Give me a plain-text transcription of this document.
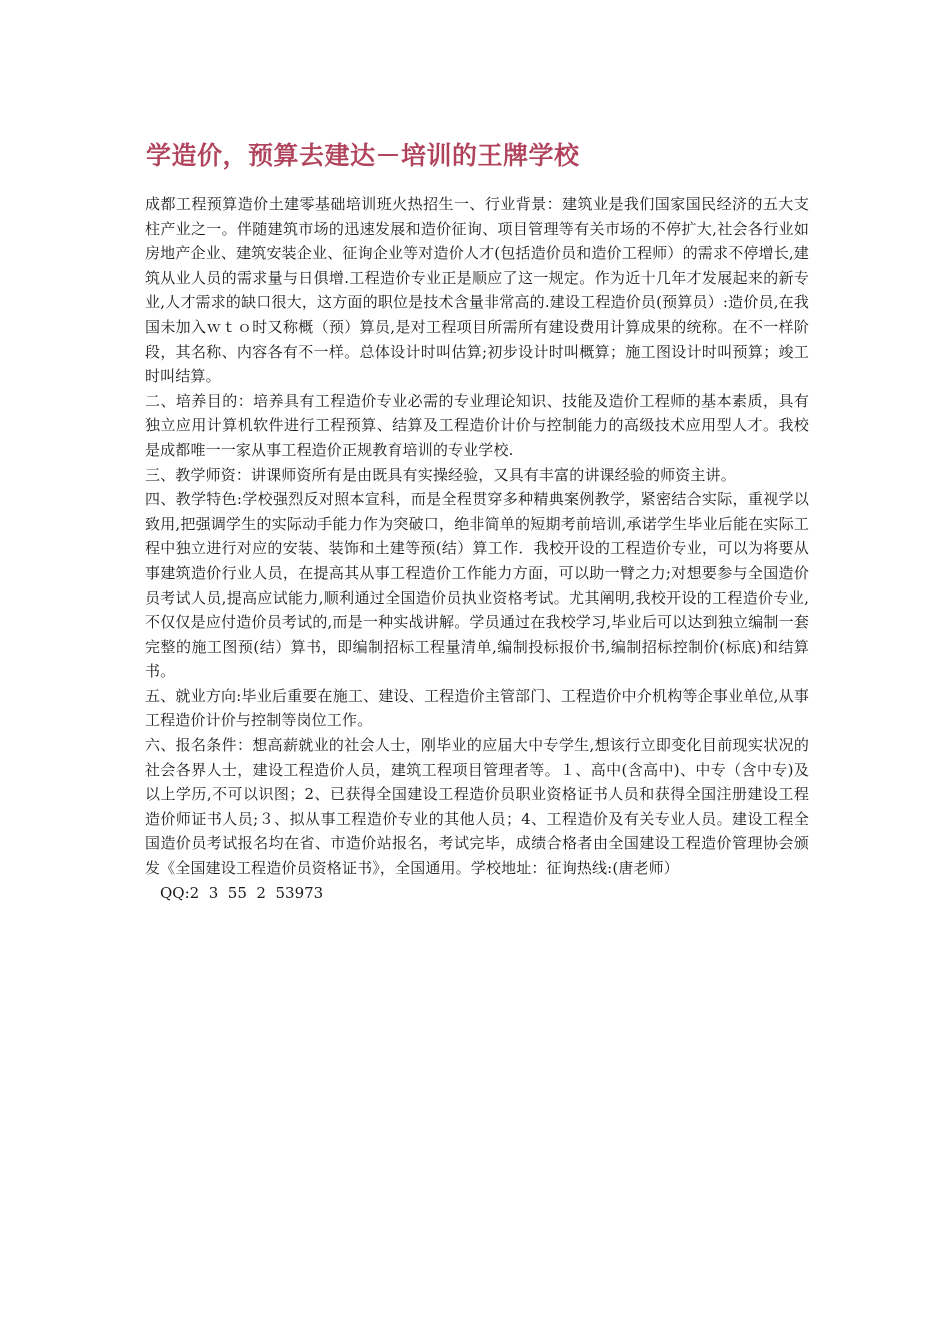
学造价，预算去建达－培训的王牌学校

成都工程预算造价土建零基础培训班火热招生一、行业背景：建筑业是我们国家国民经济的五大支柱产业之一。伴随建筑市场的迅速发展和造价征询、项目管理等有关市场的不停扩大,社会各行业如房地产企业、建筑安装企业、征询企业等对造价人才(包括造价员和造价工程师）的需求不停增长,建筑从业人员的需求量与日俱增.工程造价专业正是顺应了这一规定。作为近十几年才发展起来的新专业,人才需求的缺口很大，这方面的职位是技术含量非常高的.建设工程造价员(预算员）:造价员,在我国未加入ｗｔｏ时又称概（预）算员,是对工程项目所需所有建设费用计算成果的统称。在不一样阶段，其名称、内容各有不一样。总体设计时叫估算;初步设计时叫概算；施工图设计时叫预算；竣工时叫结算。

二、培养目的：培养具有工程造价专业必需的专业理论知识、技能及造价工程师的基本素质，具有独立应用计算机软件进行工程预算、结算及工程造价计价与控制能力的高级技术应用型人才。我校是成都唯一一家从事工程造价正规教育培训的专业学校.

三、教学师资：讲课师资所有是由既具有实操经验，又具有丰富的讲课经验的师资主讲。

四、教学特色:学校强烈反对照本宣科，而是全程贯穿多种精典案例教学，紧密结合实际，重视学以致用,把强调学生的实际动手能力作为突破口，绝非简单的短期考前培训,承诺学生毕业后能在实际工程中独立进行对应的安装、装饰和土建等预(结）算工作．我校开设的工程造价专业，可以为将要从事建筑造价行业人员，在提高其从事工程造价工作能力方面，可以助一臂之力;对想要参与全国造价员考试人员,提高应试能力,顺利通过全国造价员执业资格考试。尤其阐明,我校开设的工程造价专业,不仅仅是应付造价员考试的,而是一种实战讲解。学员通过在我校学习,毕业后可以达到独立编制一套完整的施工图预(结）算书，即编制招标工程量清单,编制投标报价书,编制招标控制价(标底)和结算书。

五、就业方向:毕业后重要在施工、建设、工程造价主管部门、工程造价中介机构等企事业单位,从事工程造价计价与控制等岗位工作。

六、报名条件：想高薪就业的社会人士，刚毕业的应届大中专学生,想该行立即变化目前现实状况的社会各界人士，建设工程造价人员，建筑工程项目管理者等。１、高中(含高中)、中专（含中专)及以上学历,不可以识图；2、已获得全国建设工程造价员职业资格证书人员和获得全国注册建设工程造价师证书人员;３、拟从事工程造价专业的其他人员；4、工程造价及有关专业人员。建设工程全国造价员考试报名均在省、市造价站报名，考试完毕，成绩合格者由全国建设工程造价管理协会颁发《全国建设工程造价员资格证书》，全国通用。学校地址：征询热线:(唐老师）

QQ:2  3  55  2  53973
